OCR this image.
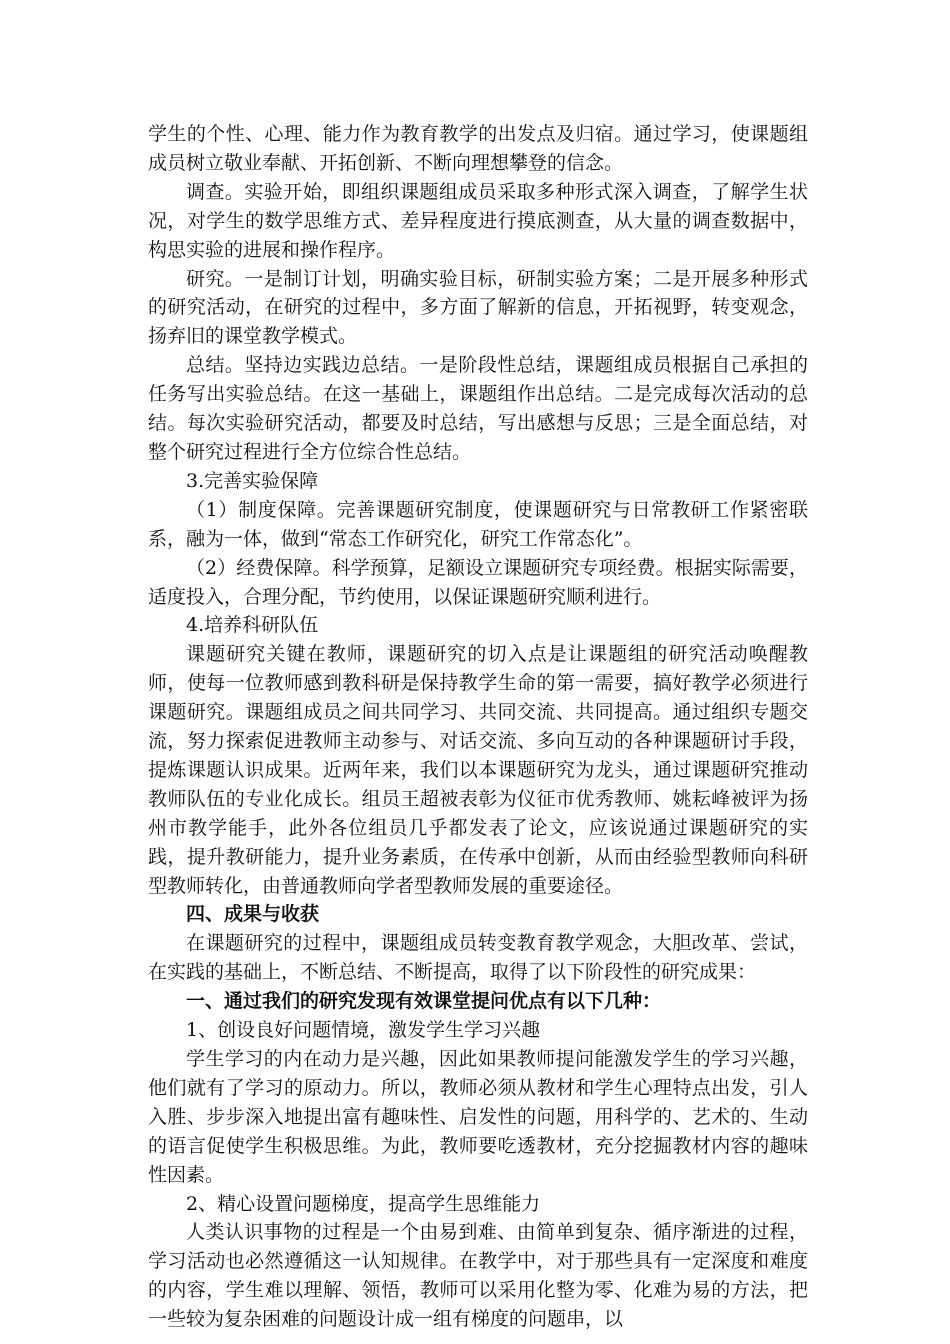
学生的个性、心理、能力作为教育教学的出发点及归宿。通过学习，使课题组成员树立敬业奉献、开拓创新、不断向理想攀登的信念。

调查。实验开始，即组织课题组成员采取多种形式深入调查，了解学生状况，对学生的数学思维方式、差异程度进行摸底测查，从大量的调查数据中，构思实验的进展和操作程序。

研究。一是制订计划，明确实验目标，研制实验方案；二是开展多种形式的研究活动，在研究的过程中，多方面了解新的信息，开拓视野，转变观念，扬弃旧的课堂教学模式。

总结。坚持边实践边总结。一是阶段性总结，课题组成员根据自己承担的任务写出实验总结。在这一基础上，课题组作出总结。二是完成每次活动的总结。每次实验研究活动，都要及时总结，写出感想与反思；三是全面总结，对整个研究过程进行全方位综合性总结。

3.完善实验保障

（1）制度保障。完善课题研究制度，使课题研究与日常教研工作紧密联系，融为一体，做到“常态工作研究化，研究工作常态化”。

（2）经费保障。科学预算，足额设立课题研究专项经费。根据实际需要，适度投入，合理分配，节约使用，以保证课题研究顺利进行。

4.培养科研队伍

课题研究关键在教师，课题研究的切入点是让课题组的研究活动唤醒教师，使每一位教师感到教科研是保持教学生命的第一需要，搞好教学必须进行课题研究。课题组成员之间共同学习、共同交流、共同提高。通过组织专题交流，努力探索促进教师主动参与、对话交流、多向互动的各种课题研讨手段，提炼课题认识成果。近两年来，我们以本课题研究为龙头，通过课题研究推动教师队伍的专业化成长。组员王超被表彰为仪征市优秀教师、姚耘峰被评为扬州市教学能手，此外各位组员几乎都发表了论文，应该说通过课题研究的实践，提升教研能力，提升业务素质，在传承中创新，从而由经验型教师向科研型教师转化，由普通教师向学者型教师发展的重要途径。

四、成果与收获

在课题研究的过程中，课题组成员转变教育教学观念，大胆改革、尝试，在实践的基础上，不断总结、不断提高，取得了以下阶段性的研究成果：

一、通过我们的研究发现有效课堂提问优点有以下几种：

1、创设良好问题情境，激发学生学习兴趣

学生学习的内在动力是兴趣，因此如果教师提问能激发学生的学习兴趣，他们就有了学习的原动力。所以，教师必须从教材和学生心理特点出发，引人入胜、步步深入地提出富有趣味性、启发性的问题，用科学的、艺术的、生动的语言促使学生积极思维。为此，教师要吃透教材，充分挖掘教材内容的趣味性因素。

2、精心设置问题梯度，提高学生思维能力

人类认识事物的过程是一个由易到难、由简单到复杂、循序渐进的过程，学习活动也必然遵循这一认知规律。在教学中，对于那些具有一定深度和难度的内容，学生难以理解、领悟，教师可以采用化整为零、化难为易的方法，把一些较为复杂困难的问题设计成一组有梯度的问题串，以
